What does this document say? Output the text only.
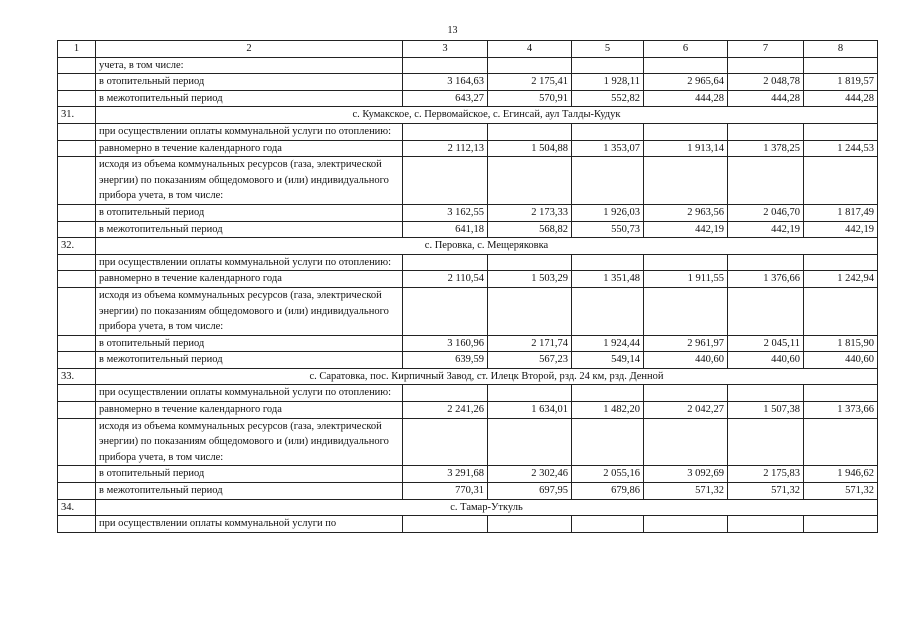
13
1	2	3	4	5	6	7	8
	учета, в том числе:						
	в отопительный период	3 164,63	2 175,41	1 928,11	2 965,64	2 048,78	1 819,57
	в межотопительный период	643,27	570,91	552,82	444,28	444,28	444,28
31.	с. Кумакское, с. Первомайское, с. Егинсай, аул Талды-Кудук						
	при осуществлении оплаты коммунальной услуги по отоплению:						
	равномерно в течение календарного года	2 112,13	1 504,88	1 353,07	1 913,14	1 378,25	1 244,53
	исходя из объема коммунальных ресурсов (газа, электрической энергии) по показаниям общедомового и (или) индивидуального прибора учета, в том числе:						
	в отопительный период	3 162,55	2 173,33	1 926,03	2 963,56	2 046,70	1 817,49
	в межотопительный период	641,18	568,82	550,73	442,19	442,19	442,19
32.	с. Перовка, с. Мещеряковка						
	при осуществлении оплаты коммунальной услуги по отоплению:						
	равномерно в течение календарного года	2 110,54	1 503,29	1 351,48	1 911,55	1 376,66	1 242,94
	исходя из объема коммунальных ресурсов (газа, электрической энергии) по показаниям общедомового и (или) индивидуального прибора учета, в том числе:						
	в отопительный период	3 160,96	2 171,74	1 924,44	2 961,97	2 045,11	1 815,90
	в межотопительный период	639,59	567,23	549,14	440,60	440,60	440,60
33.	с. Саратовка, пос. Кирпичный Завод, ст. Илецк Второй, рзд. 24 км, рзд. Денной						
	при осуществлении оплаты коммунальной услуги по отоплению:						
	равномерно в течение календарного года	2 241,26	1 634,01	1 482,20	2 042,27	1 507,38	1 373,66
	исходя из объема коммунальных ресурсов (газа, электрической энергии) по показаниям общедомового и (или) индивидуального прибора учета, в том числе:						
	в отопительный период	3 291,68	2 302,46	2 055,16	3 092,69	2 175,83	1 946,62
	в межотопительный период	770,31	697,95	679,86	571,32	571,32	571,32
34.	с. Тамар-Уткуль						
	при осуществлении оплаты коммунальной услуги по						
